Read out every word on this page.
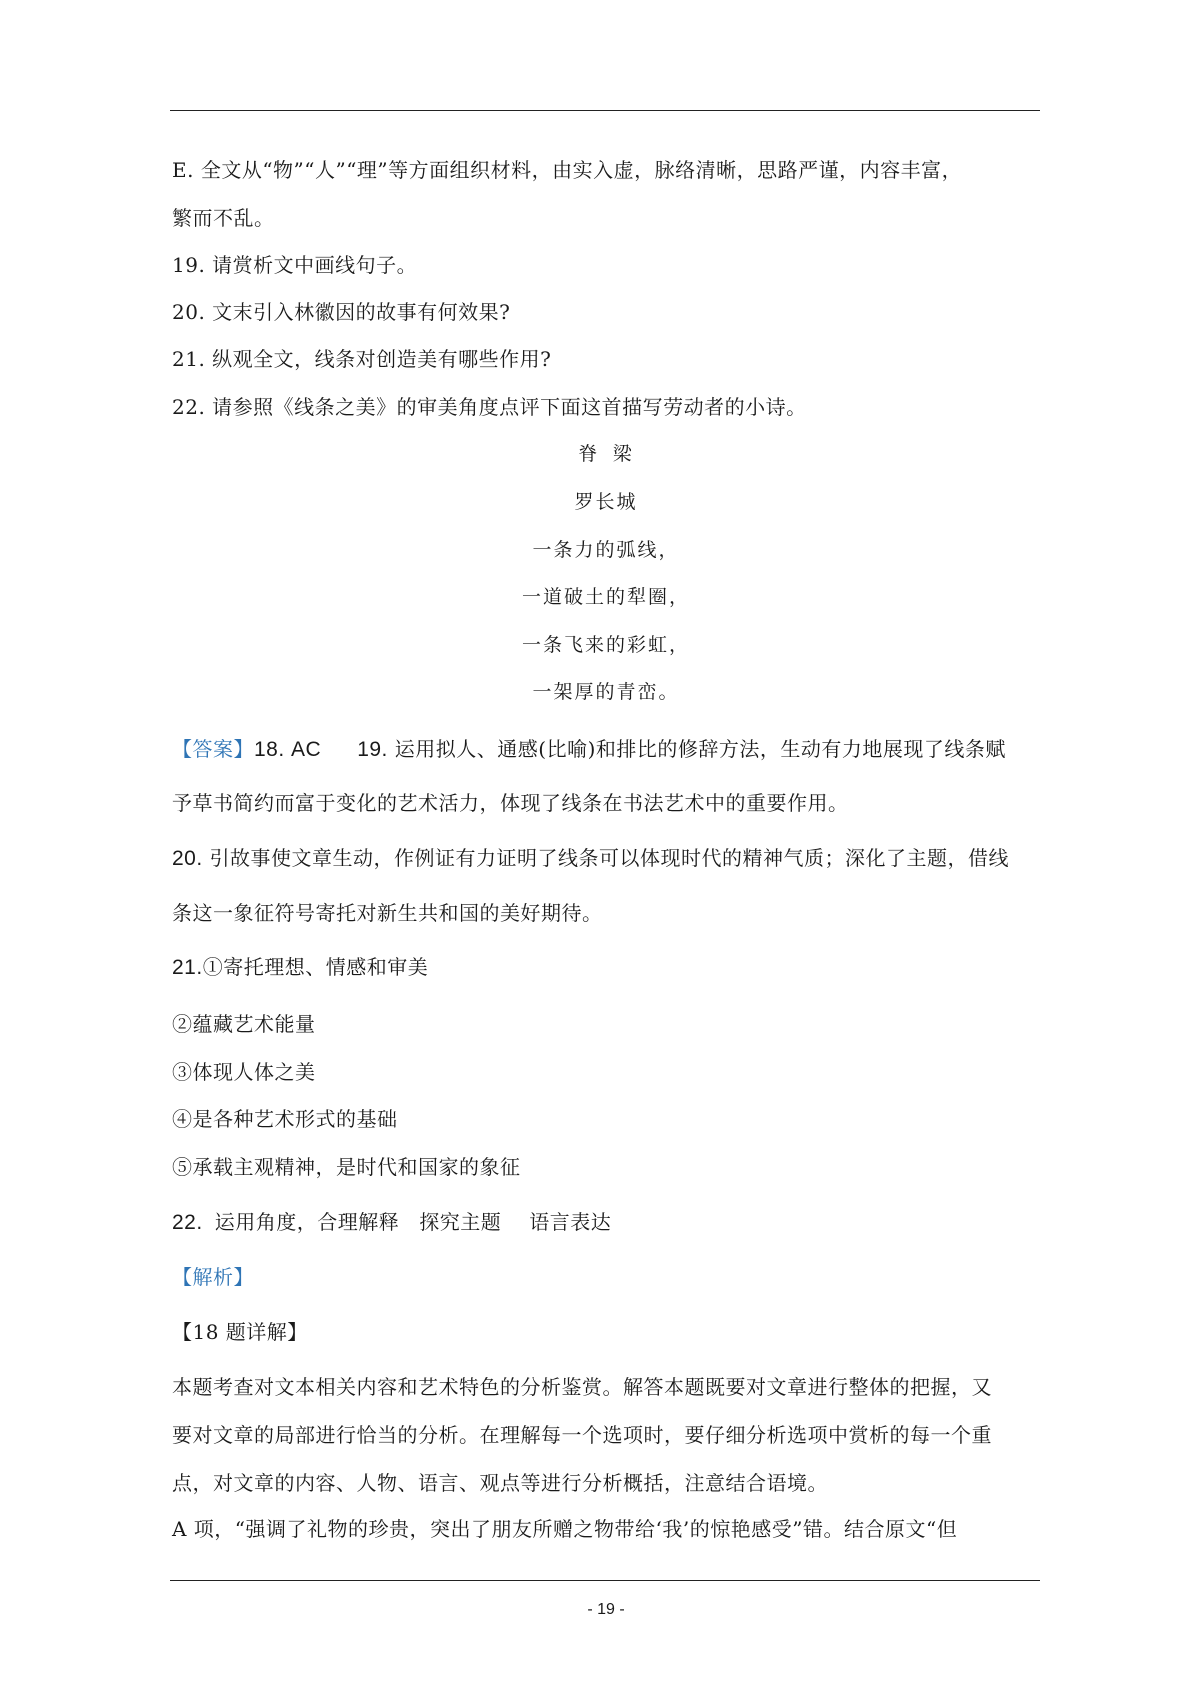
E. 全文从“物”“人”“理”等方面组织材料，由实入虚，脉络清晰，思路严谨，内容丰富，
繁而不乱。
19. 请赏析文中画线句子。
20. 文末引入林徽因的故事有何效果?
21. 纵观全文，线条对创造美有哪些作用?
22. 请参照《线条之美》的审美角度点评下面这首描写劳动者的小诗。
脊 梁
罗长城
一条力的弧线，
一道破土的犁圈，
一条飞来的彩虹，
一架厚的青峦。
【答案】18. AC 19. 运用拟人、通感(比喻)和排比的修辞方法，生动有力地展现了线条赋
予草书简约而富于变化的艺术活力，体现了线条在书法艺术中的重要作用。
20. 引故事使文章生动，作例证有力证明了线条可以体现时代的精神气质；深化了主题，借线
条这一象征符号寄托对新生共和国的美好期待。
21.①寄托理想、情感和审美
②蕴藏艺术能量
③体现人体之美
④是各种艺术形式的基础
⑤承载主观精神，是时代和国家的象征
22. 运用角度，合理解释 探究主题 语言表达
【解析】
【18 题详解】
本题考查对文本相关内容和艺术特色的分析鉴赏。解答本题既要对文章进行整体的把握，又
要对文章的局部进行恰当的分析。在理解每一个选项时，要仔细分析选项中赏析的每一个重
点，对文章的内容、人物、语言、观点等进行分析概括，注意结合语境。
A 项，“强调了礼物的珍贵，突出了朋友所赠之物带给‘我’的惊艳感受”错。结合原文“但
- 19 -
